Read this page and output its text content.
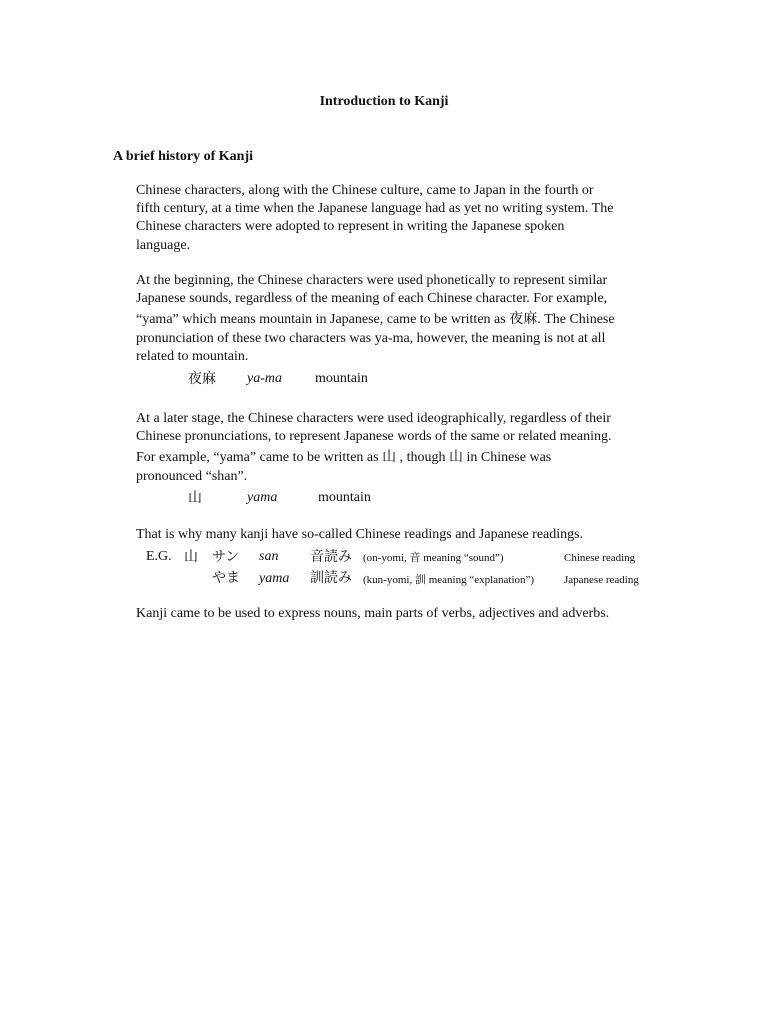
Introduction to Kanji
A brief history of Kanji
Chinese characters, along with the Chinese culture, came to Japan in the fourth or
fifth century, at a time when the Japanese language had as yet no writing system. The
Chinese characters were adopted to represent in writing the Japanese spoken
language.
At the beginning, the Chinese characters were used phonetically to represent similar
Japanese sounds, regardless of the meaning of each Chinese character. For example,
“yama” which means mountain in Japanese, came to be written as 夜麻. The Chinese
pronunciation of these two characters was ya-ma, however, the meaning is not at all
related to mountain.
夜麻 ya-ma mountain
At a later stage, the Chinese characters were used ideographically, regardless of their
Chinese pronunciations, to represent Japanese words of the same or related meaning.
For example, “yama” came to be written as 山 , though 山 in Chinese was
pronounced “shan”.
山	yama	mountain
That is why many kanji have so-called Chinese readings and Japanese readings.
E.G. 山 サン san 音読み (on-yomi, 音 meaning “sound”)	Chinese reading
やま yama 訓読み (kun-yomi, 訓 meaning “explanation”)	Japanese reading
Kanji came to be used to express nouns, main parts of verbs, adjectives and adverbs.
